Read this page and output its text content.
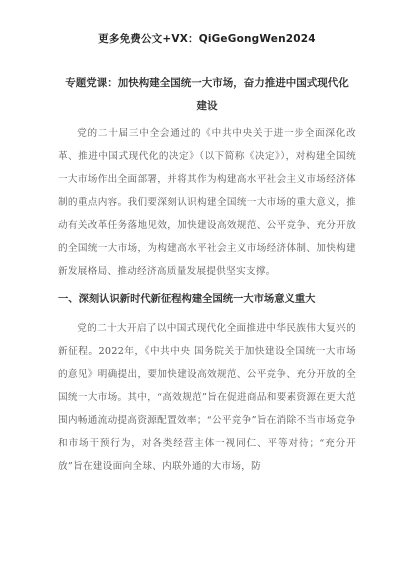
更多免费公文+VX：QiGeGongWen2024

专题党课：加快构建全国统一大市场，奋力推进中国式现代化建设

党的二十届三中全会通过的《中共中央关于进一步全面深化改革、推进中国式现代化的决定》（以下简称《决定》），对构建全国统一大市场作出全面部署，并将其作为构建高水平社会主义市场经济体制的重点内容。我们要深刻认识构建全国统一大市场的重大意义，推动有关改革任务落地见效，加快建设高效规范、公平竞争、充分开放的全国统一大市场，为构建高水平社会主义市场经济体制、加快构建新发展格局、推动经济高质量发展提供坚实支撑。

一、深刻认识新时代新征程构建全国统一大市场意义重大

党的二十大开启了以中国式现代化全面推进中华民族伟大复兴的新征程。2022年，《中共中央 国务院关于加快建设全国统一大市场的意见》明确提出，要加快建设高效规范、公平竞争、充分开放的全国统一大市场。其中，“高效规范”旨在促进商品和要素资源在更大范围内畅通流动提高资源配置效率；“公平竞争”旨在消除不当市场竞争和市场干预行为，对各类经营主体一视同仁、平等对待；“充分开放”旨在建设面向全球、内联外通的大市场，防
